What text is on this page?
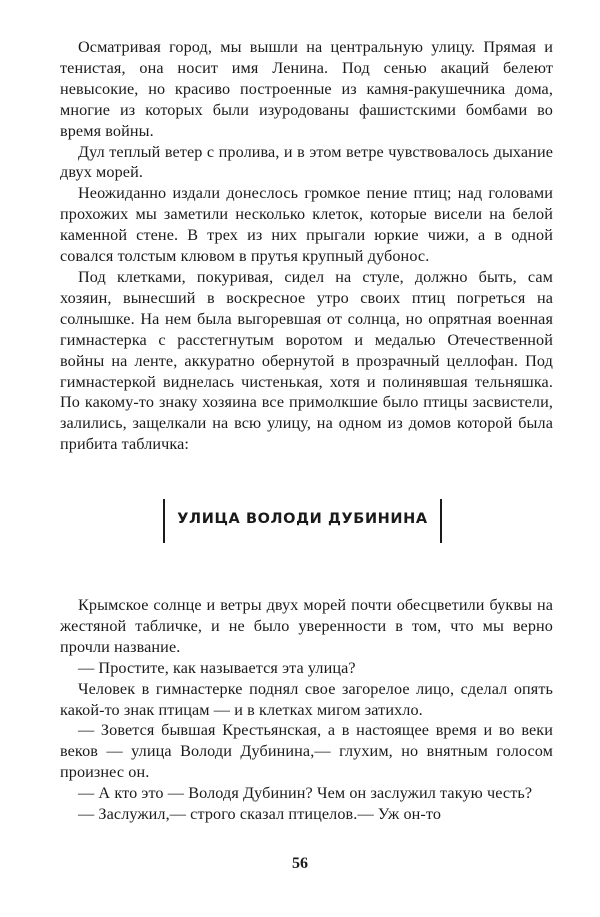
Осматривая город, мы вышли на центральную улицу. Прямая и тенистая, она носит имя Ленина. Под сенью акаций белеют невысокие, но красиво построенные из камня-ракушечника дома, многие из которых были изуродованы фашистскими бомбами во время войны.

Дул теплый ветер с пролива, и в этом ветре чувствовалось дыхание двух морей.

Неожиданно издали донеслось громкое пение птиц; над головами прохожих мы заметили несколько клеток, которые висели на белой каменной стене. В трех из них прыгали юркие чижи, а в одной совался толстым клювом в прутья крупный дубонос.

Под клетками, покуривая, сидел на стуле, должно быть, сам хозяин, вынесший в воскресное утро своих птиц погреться на солнышке. На нем была выгоревшая от солнца, но опрятная военная гимнастерка с расстегнутым воротом и медалью Отечественной войны на ленте, аккуратно обернутой в прозрачный целлофан. Под гимнастеркой виднелась чистенькая, хотя и полинявшая тельняшка. По какому-то знаку хозяина все примолкшие было птицы засвистели, залились, защелкали на всю улицу, на одном из домов которой была прибита табличка:

УЛИЦА ВОЛОДИ ДУБИНИНА

Крымское солнце и ветры двух морей почти обесцветили буквы на жестяной табличке, и не было уверенности в том, что мы верно прочли название.

— Простите, как называется эта улица?

Человек в гимнастерке поднял свое загорелое лицо, сделал опять какой-то знак птицам — и в клетках мигом затихло.

— Зовется бывшая Крестьянская, а в настоящее время и во веки веков — улица Володи Дубинина,— глухим, но внятным голосом произнес он.

— А кто это — Володя Дубинин? Чем он заслужил такую честь?

— Заслужил,— строго сказал птицелов.— Уж он-то

56
